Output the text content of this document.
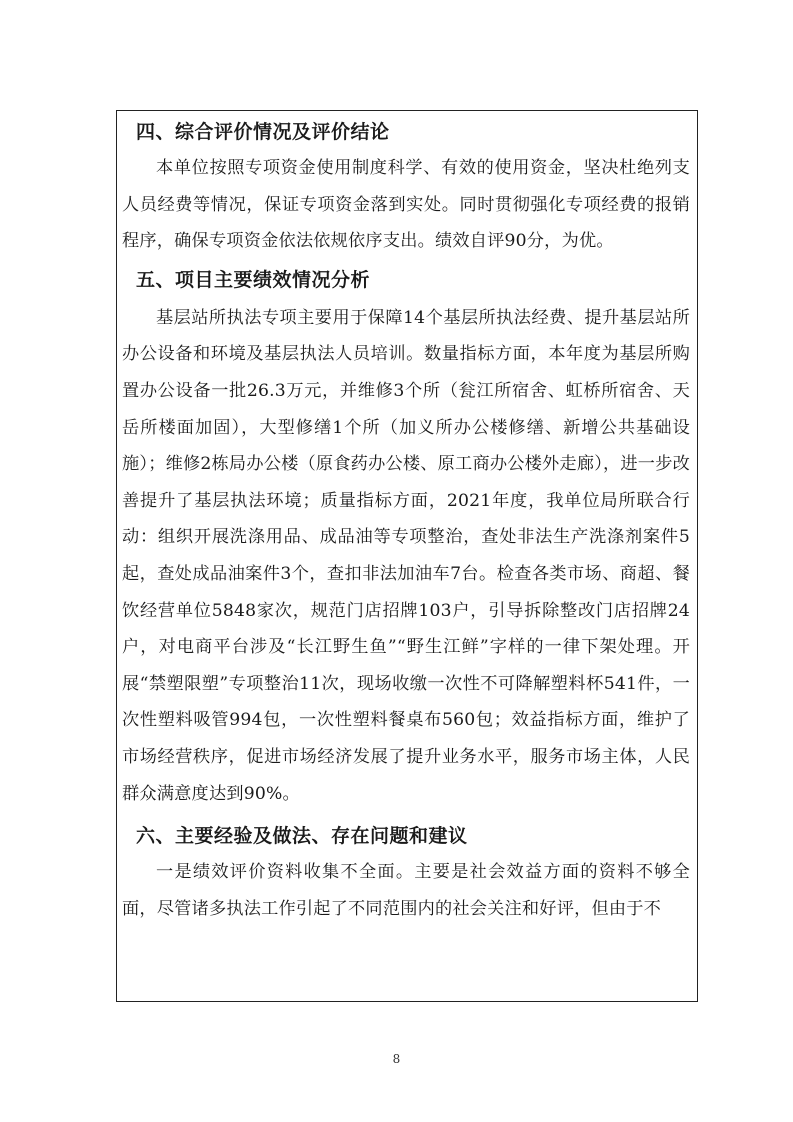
四、综合评价情况及评价结论

本单位按照专项资金使用制度科学、有效的使用资金，坚决杜绝列支人员经费等情况，保证专项资金落到实处。同时贯彻强化专项经费的报销程序，确保专项资金依法依规依序支出。绩效自评90分，为优。

五、项目主要绩效情况分析

基层站所执法专项主要用于保障14个基层所执法经费、提升基层站所办公设备和环境及基层执法人员培训。数量指标方面，本年度为基层所购置办公设备一批26.3万元，并维修3个所（瓮江所宿舍、虹桥所宿舍、天岳所楼面加固），大型修缮1个所（加义所办公楼修缮、新增公共基础设施）；维修2栋局办公楼（原食药办公楼、原工商办公楼外走廊），进一步改善提升了基层执法环境；质量指标方面，2021年度，我单位局所联合行动：组织开展洗涤用品、成品油等专项整治，查处非法生产洗涤剂案件5起，查处成品油案件3个，查扣非法加油车7台。检查各类市场、商超、餐饮经营单位5848家次，规范门店招牌103户，引导拆除整改门店招牌24户，对电商平台涉及“长江野生鱼”“野生江鲜”字样的一律下架处理。开展“禁塑限塑”专项整治11次，现场收缴一次性不可降解塑料杯541件，一次性塑料吸管994包，一次性塑料餐桌布560包；效益指标方面，维护了市场经营秩序，促进市场经济发展了提升业务水平，服务市场主体，人民群众满意度达到90%。

六、主要经验及做法、存在问题和建议

一是绩效评价资料收集不全面。主要是社会效益方面的资料不够全面，尽管诸多执法工作引起了不同范围内的社会关注和好评，但由于不

8
